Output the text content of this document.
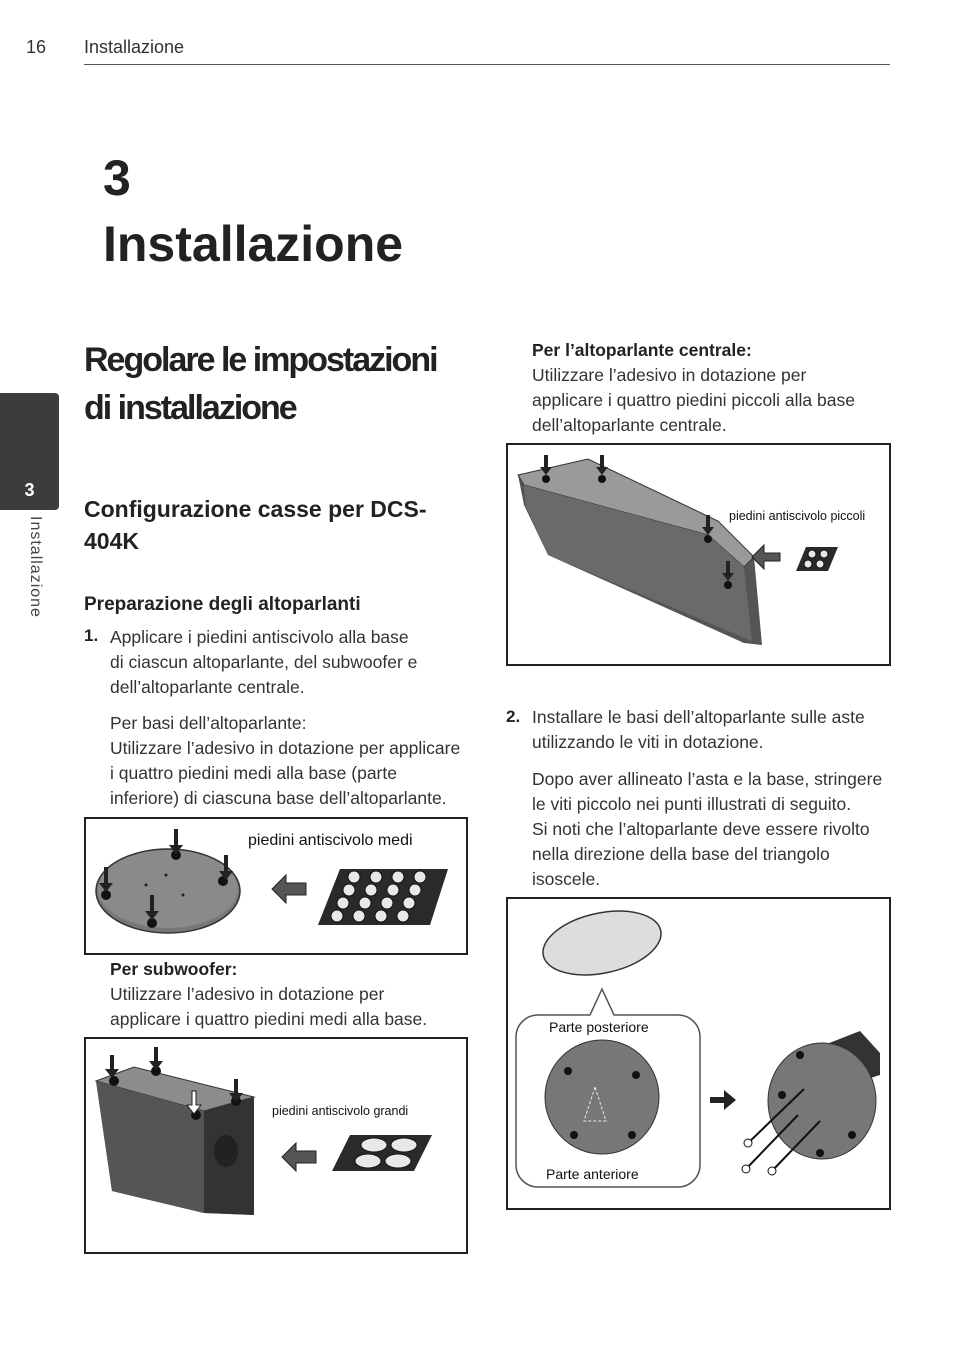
16 Installazione
3
Installazione
3
Installazione
Regolare le impostazioni
di installazione
Configurazione casse per DCS-
404K
Preparazione degli altoparlanti
1. Applicare i piedini antiscivolo alla base
di ciascun altoparlante, del subwoofer e
dell’altoparlante centrale.
Per basi dell’altoparlante:
Utilizzare l’adesivo in dotazione per applicare
i quattro piedini medi alla base (parte
inferiore) di ciascuna base dell’altoparlante.
piedini antiscivolo medi
Per subwoofer:
Utilizzare l’adesivo in dotazione per
applicare i quattro piedini medi alla base.
piedini antiscivolo grandi
Per l’altoparlante centrale:
Utilizzare l’adesivo in dotazione per
applicare i quattro piedini piccoli alla base
dell’altoparlante centrale.
piedini antiscivolo piccoli
2. Installare le basi dell’altoparlante sulle aste
utilizzando le viti in dotazione.
Dopo aver allineato l’asta e la base, stringere
le viti piccolo nei punti illustrati di seguito.
Si noti che l’altoparlante deve essere rivolto
nella direzione della base del triangolo
isoscele.
Parte posteriore
Parte anteriore
